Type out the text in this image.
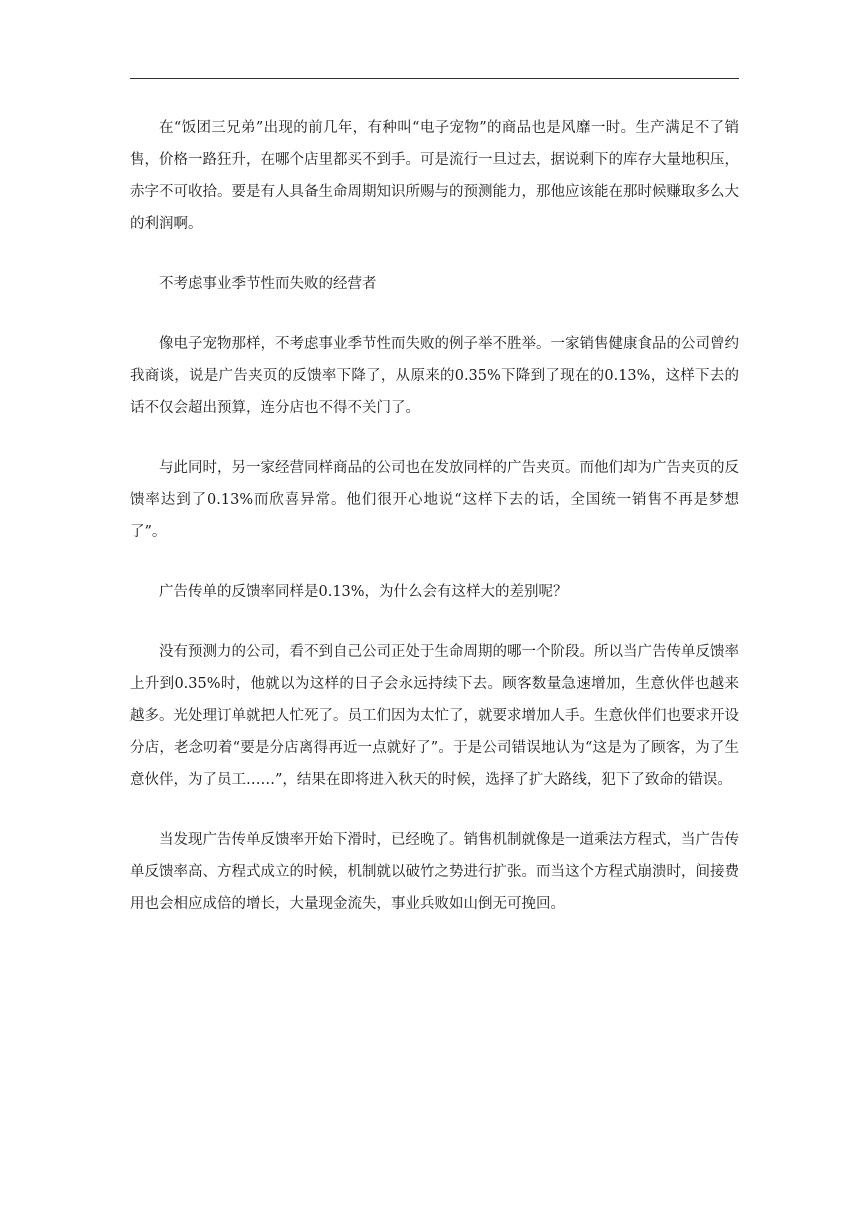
在“饭团三兄弟”出现的前几年，有种叫“电子宠物”的商品也是风靡一时。生产满足不了销售，价格一路狂升，在哪个店里都买不到手。可是流行一旦过去，据说剩下的库存大量地积压，赤字不可收拾。要是有人具备生命周期知识所赐与的预测能力，那他应该能在那时候赚取多么大的利润啊。

不考虑事业季节性而失败的经营者

像电子宠物那样，不考虑事业季节性而失败的例子举不胜举。一家销售健康食品的公司曾约我商谈，说是广告夹页的反馈率下降了，从原来的0.35%下降到了现在的0.13%，这样下去的话不仅会超出预算，连分店也不得不关门了。

与此同时，另一家经营同样商品的公司也在发放同样的广告夹页。而他们却为广告夹页的反馈率达到了0.13%而欣喜异常。他们很开心地说“这样下去的话，全国统一销售不再是梦想了”。

广告传单的反馈率同样是0.13%，为什么会有这样大的差别呢？

没有预测力的公司，看不到自己公司正处于生命周期的哪一个阶段。所以当广告传单反馈率上升到0.35%时，他就以为这样的日子会永远持续下去。顾客数量急速增加，生意伙伴也越来越多。光处理订单就把人忙死了。员工们因为太忙了，就要求增加人手。生意伙伴们也要求开设分店，老念叨着“要是分店离得再近一点就好了”。于是公司错误地认为“这是为了顾客，为了生意伙伴，为了员工……”，结果在即将进入秋天的时候，选择了扩大路线，犯下了致命的错误。

当发现广告传单反馈率开始下滑时，已经晚了。销售机制就像是一道乘法方程式，当广告传单反馈率高、方程式成立的时候，机制就以破竹之势进行扩张。而当这个方程式崩溃时，间接费用也会相应成倍的增长，大量现金流失，事业兵败如山倒无可挽回。
